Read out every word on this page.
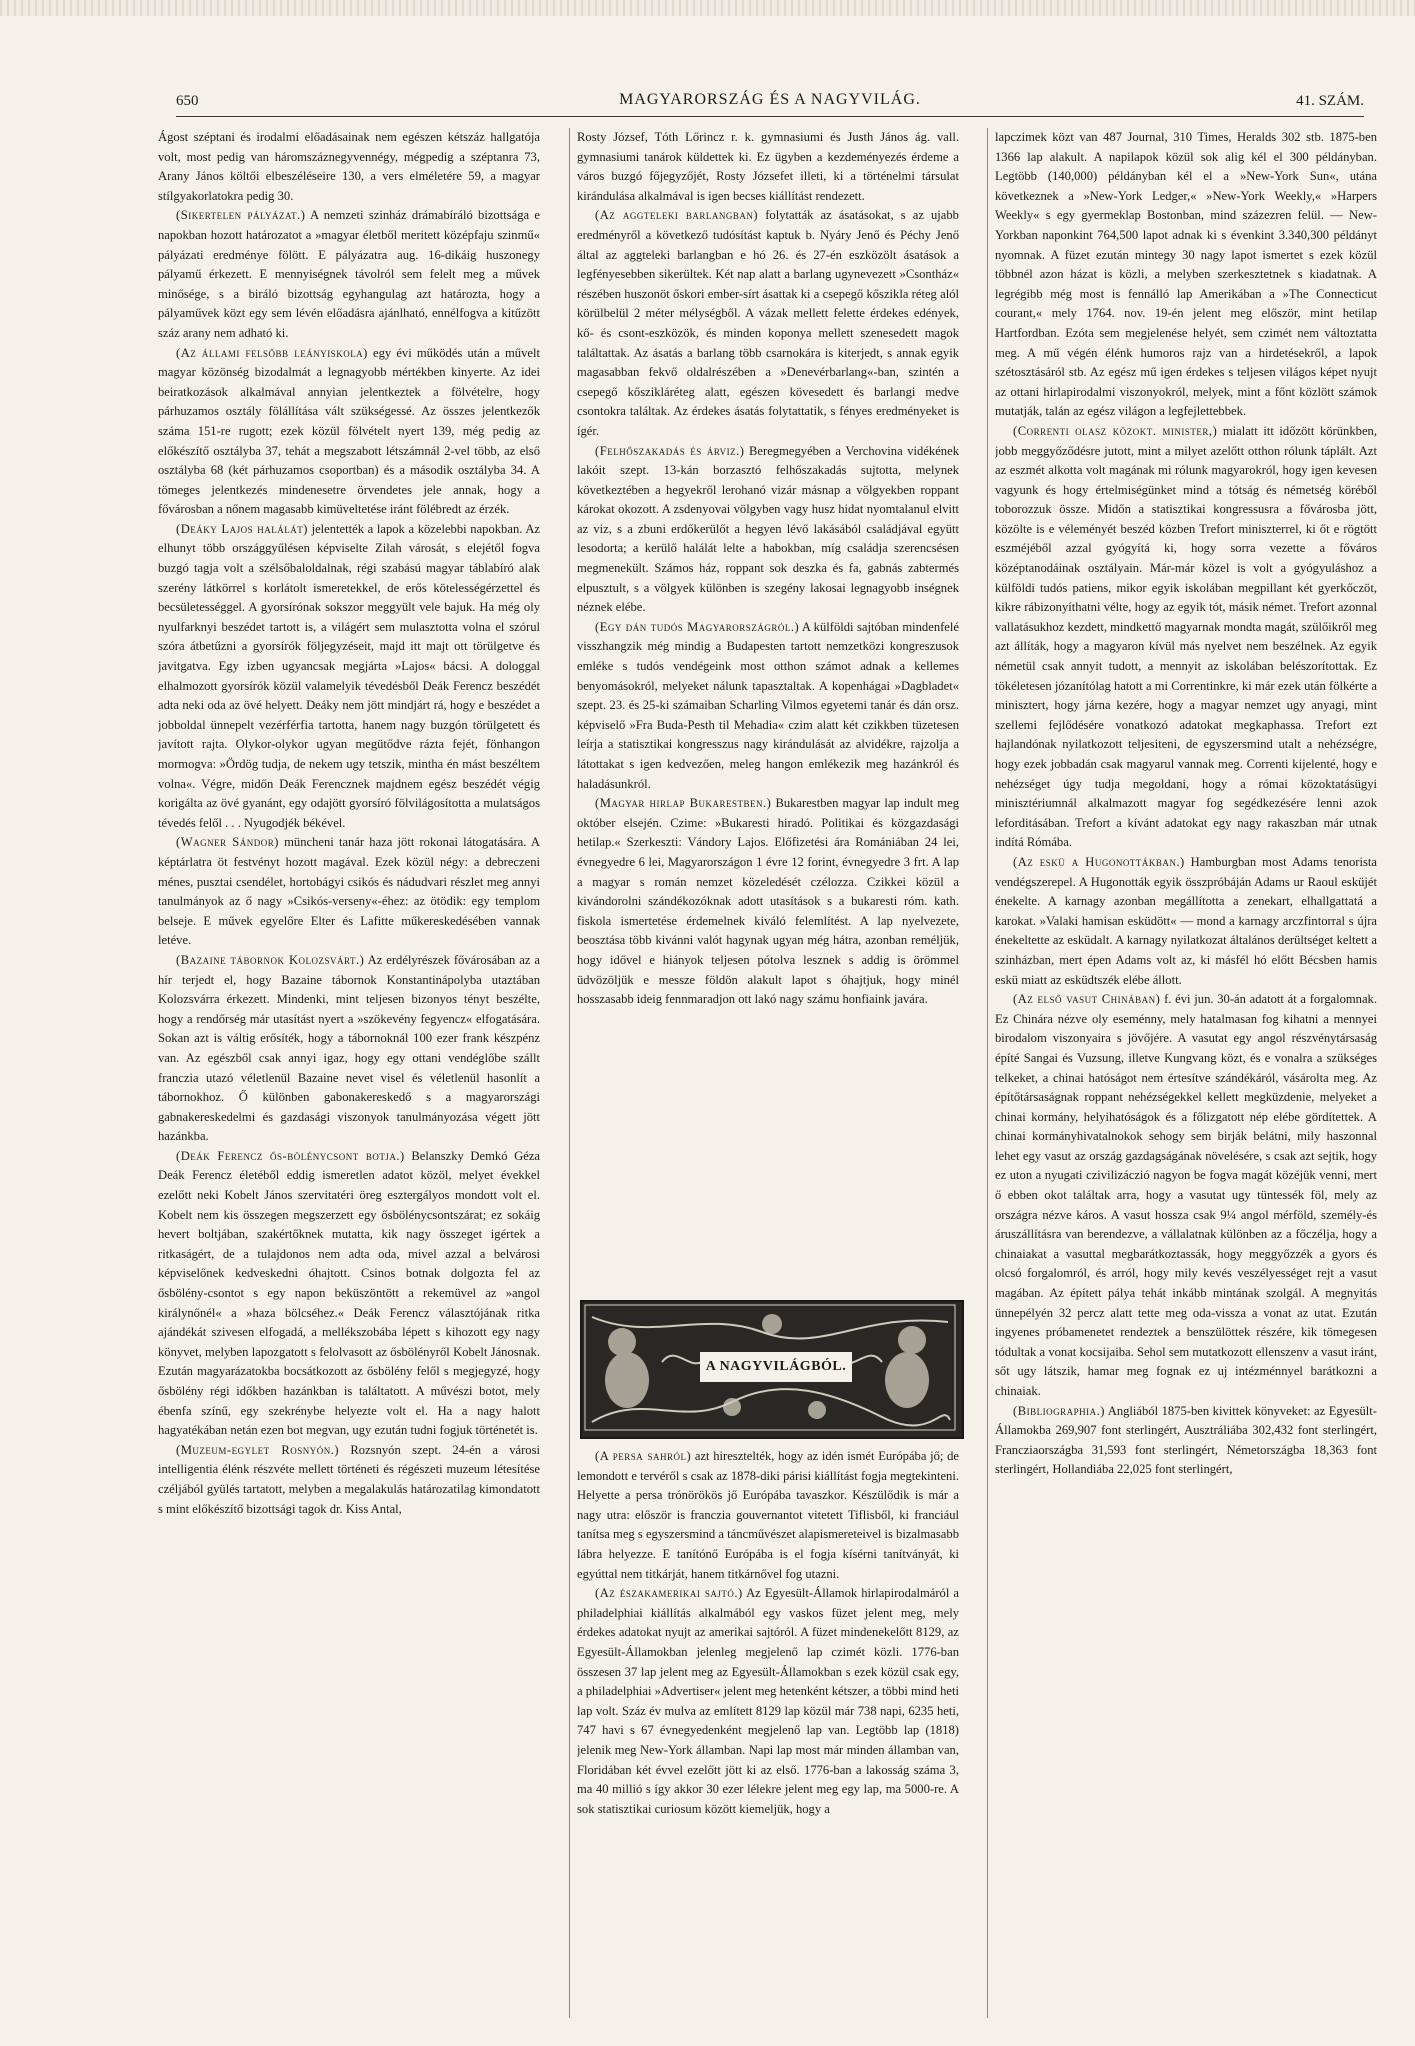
650	MAGYARORSZÁG ÉS A NAGYVILÁG.	41. SZÁM.

Ágost széptani és irodalmi előadásainak nem egészen kétszáz hallgatója volt, most pedig van háromszáznegyvennégy, mégpedig a széptanra 73, Arany János költői elbeszéléseire 130, a vers elméletére 59, a magyar stílgyakorlatokra pedig 30.

(Sikertelen pályázat.) A nemzeti szinház drámabíráló bizottsága e napokban hozott határozatot a »magyar életből meritett középfaju szinmű« pályázati eredménye fölött. E pályázatra aug. 16-dikáig huszonegy pályamű érkezett. E mennyiségnek távolról sem felelt meg a művek minősége, s a biráló bizottság egyhangulag azt határozta, hogy a pályaművek közt egy sem lévén előadásra ajánlható, ennélfogva a kitűzött száz arany nem adható ki.

(Az állami felsőbb leányiskola) egy évi működés után a művelt magyar közönség bizodalmát a legnagyobb mértékben kinyerte. Az idei beiratkozások alkalmával annyian jelentkeztek a fölvételre, hogy párhuzamos osztály fölállítása vált szükségessé. Az összes jelentkezők száma 151-re rugott; ezek közül fölvételt nyert 139, még pedig az előkészítő osztályba 37, tehát a megszabott létszámnál 2-vel több, az első osztályba 68 (két párhuzamos csoportban) és a második osztályba 34. A tömeges jelentkezés mindenesetre örvendetes jele annak, hogy a fővárosban a nőnem magasabb kimüveltetése iránt fölébredt az érzék.

(Deáky Lajos halálát) jelentették a lapok a közelebbi napokban. Az elhunyt több országgyűlésen képviselte Zilah városát, s elejétől fogva buzgó tagja volt a szélsőbaloldalnak, régi szabású magyar táblabíró alak szerény látkörrel s korlátolt ismeretekkel, de erős kötelességérzettel és becsületességgel. A gyorsírónak sokszor meggyült vele bajuk. Ha még oly nyulfarknyi beszédet tartott is, a világért sem mulasztotta volna el szórul szóra átbetűzni a gyorsírók följegyzéseit, majd itt majt ott törülgetve és javitgatva. Egy izben ugyancsak megjárta »Lajos« bácsi. A dologgal elhalmozott gyorsírók közül valamelyik tévedésből Deák Ferencz beszédét adta neki oda az övé helyett. Deáky nem jött mindjárt rá, hogy e beszédet a jobboldal ünnepelt vezérférfia tartotta, hanem nagy buzgón törülgetett és javított rajta. Olykor-olykor ugyan megütődve rázta fejét, fönhangon mormogva: »Ördög tudja, de nekem ugy tetszik, mintha én mást beszéltem volna«. Végre, midőn Deák Ferencznek majdnem egész beszédét végig korigálta az övé gyanánt, egy odajött gyorsíró fölvilágosította a mulatságos tévedés felől . . . Nyugodjék békével.

(Wagner Sándor) müncheni tanár haza jött rokonai látogatására. A képtárlatra öt festvényt hozott magával. Ezek közül négy: a debreczeni ménes, pusztai csendélet, hortobágyi csikós és nádudvari részlet meg annyi tanulmányok az ő nagy »Csikós-verseny«-éhez: az ötödik: egy templom belseje. E művek egyelőre Elter és Lafitte műkereskedésében vannak letéve.

(Bazaine tábornok Kolozsvárt.) Az erdélyrészek fővárosában az a hír terjedt el, hogy Bazaine tábornok Konstantinápolyba utaztában Kolozsvárra érkezett. Mindenki, mint teljesen bizonyos tényt beszélte, hogy a rendőrség már utasítást nyert a »szökevény fegyencz« elfogatására. Sokan azt is váltig erősíték, hogy a tábornoknál 100 ezer frank készpénz van. Az egészből csak annyi igaz, hogy egy ottani vendéglőbe szállt franczia utazó véletlenül Bazaine nevet visel és véletlenül hasonlít a tábornokhoz. Ő különben gabonakereskedő s a magyarországi gabnakereskedelmi és gazdasági viszonyok tanulmányozása végett jött hazánkba.

(Deák Ferencz ős-bölénycsont botja.) Belanszky Demkó Géza Deák Ferencz életéből eddig ismeretlen adatot közöl, melyet évekkel ezelőtt neki Kobelt János szervitatéri öreg esztergályos mondott volt el. Kobelt nem kis összegen megszerzett egy ősbölénycsontszárat; ez sokáig hevert boltjában, szakértőknek mutatta, kik nagy összeget igértek a ritkaságért, de a tulajdonos nem adta oda, mivel azzal a belvárosi képviselőnek kedveskedni óhajtott. Csinos botnak dolgozta fel az ősbölény-csontot s egy napon beküszöntött a rekemüvel az »angol királynőnél« a »haza bölcséhez.« Deák Ferencz választójának ritka ajándékát szivesen elfogadá, a mellékszobába lépett s kihozott egy nagy könyvet, melyben lapozgatott s felolvasott az ősbölényről Kobelt Jánosnak. Ezután magyarázatokba bocsátkozott az ősbölény felől s megjegyzé, hogy ősbölény régi időkben hazánkban is találtatott. A művészi botot, mely ébenfa színű, egy szekrénybe helyezte volt el. Ha a nagy halott hagyatékában netán ezen bot megvan, ugy ezután tudni fogjuk történetét is.

(Muzeum-egylet Rosnyón.) Rozsnyón szept. 24-én a városi intelligentia élénk részvéte mellett történeti és régészeti muzeum létesítése czéljából gyülés tartatott, melyben a megalakulás határozatilag kimondatott s mint előkészítő bizottsági tagok dr. Kiss Antal,

Rosty József, Tóth Lőrincz r. k. gymnasiumi és Justh János ág. vall. gymnasiumi tanárok küldettek ki. Ez ügyben a kezdeményezés érdeme a város buzgó főjegyzőjét, Rosty Józsefet illeti, ki a történelmi társulat kirándulása alkalmával is igen becses kiállítást rendezett.

(Az aggteleki barlangban) folytatták az ásatásokat, s az ujabb eredményről a következő tudósítást kaptuk b. Nyáry Jenő és Péchy Jenő által az aggteleki barlangban e hó 26. és 27-én eszközölt ásatások a legfényesebben sikerültek. Két nap alatt a barlang ugynevezett »Csontház« részében huszonöt őskori ember-sírt ásattak ki a csepegő kőszikla réteg alól körülbelül 2 méter mélységből. A vázak mellett felette érdekes edények, kő- és csont-eszközök, és minden koponya mellett szenesedett magok találtattak. Az ásatás a barlang több csarnokára is kiterjedt, s annak egyik magasabban fekvő oldalrészében a »Denevérbarlang«-ban, szintén a csepegő kőszikláréteg alatt, egészen kövesedett és barlangi medve csontokra találtak. Az érdekes ásatás folytattatik, s fényes eredményeket is ígér.

(Felhőszakadás és árviz.) Beregmegyében a Verchovina vidékének lakóit szept. 13-kán borzasztó felhőszakadás sujtotta, melynek következtében a hegyekről lerohanó vizár másnap a völgyekben roppant károkat okozott. A zsdenyovai völgyben vagy husz hidat nyomtalanul elvitt az viz, s a zbuni erdőkerülőt a hegyen lévő lakásából családjával együtt lesodorta; a kerülő halálát lelte a habokban, míg családja szerencsésen megmenekült. Számos ház, roppant sok deszka és fa, gabnás zabtermés elpusztult, s a völgyek különben is szegény lakosai legnagyobb inségnek néznek elébe.

(Egy dán tudós Magyarországról.) A külföldi sajtóban mindenfelé visszhangzik még mindig a Budapesten tartott nemzetközi kongreszusok emléke s tudós vendégeink most otthon számot adnak a kellemes benyomásokról, melyeket nálunk tapasztaltak. A kopenhágai »Dagbladet« szept. 23. és 25-ki számaiban Scharling Vilmos egyetemi tanár és dán orsz. képviselő »Fra Buda-Pesth til Mehadia« czim alatt két czikkben tüzetesen leírja a statisztikai kongresszus nagy kirándulását az alvidékre, rajzolja a látottakat s igen kedvezően, meleg hangon emlékezik meg hazánkról és haladásunkról.

(Magyar hirlap Bukarestben.) Bukarestben magyar lap indult meg október elsején. Czime: »Bukaresti hiradó. Politikai és közgazdasági hetilap.« Szerkeszti: Vándory Lajos. Előfizetési ára Romániában 24 lei, évnegyedre 6 lei, Magyarországon 1 évre 12 forint, évnegyedre 3 frt. A lap a magyar s román nemzet közeledését czélozza. Czikkei közül a kivándorolni szándékozóknak adott utasítások s a bukaresti róm. kath. fiskola ismertetése érdemelnek kiváló felemlítést. A lap nyelvezete, beosztása több kivánni valót hagynak ugyan még hátra, azonban reméljük, hogy idővel e hiányok teljesen pótolva lesznek s addig is örömmel üdvözöljük e messze földön alakult lapot s óhajtjuk, hogy minél hosszasabb ideig fennmaradjon ott lakó nagy számu honfiaink javára.

A NAGYVILÁGBÓL.

(A persa sahról) azt hiresztelték, hogy az idén ismét Európába jő; de lemondott e tervéről s csak az 1878-diki párisi kiállítást fogja megtekinteni. Helyette a persa trónörökös jő Európába tavaszkor. Készülődik is már a nagy utra: először is franczia gouvernantot vitetett Tiflisből, ki franciául tanítsa meg s egyszersmind a táncművészet alapismereteivel is bizalmasabb lábra helyezze. E tanítónő Európába is el fogja kísérni tanítványát, ki egyúttal nem titkárját, hanem titkárnővel fog utazni.

(Az északamerikai sajtó.) Az Egyesült-Államok hirlapirodalmáról a philadelphiai kiállítás alkalmából egy vaskos füzet jelent meg, mely érdekes adatokat nyujt az amerikai sajtóról. A füzet mindenekelőtt 8129, az Egyesült-Államokban jelenleg megjelenő lap czimét közli. 1776-ban összesen 37 lap jelent meg az Egyesült-Államokban s ezek közül csak egy, a philadelphiai »Advertiser« jelent meg hetenként kétszer, a többi mind heti lap volt. Száz év mulva az említett 8129 lap közül már 738 napi, 6235 heti, 747 havi s 67 évnegyedenként megjelenő lap van. Legtöbb lap (1818) jelenik meg New-York államban. Napi lap most már minden államban van, Floridában két évvel ezelőtt jött ki az első. 1776-ban a lakosság száma 3, ma 40 millió s így akkor 30 ezer lélekre jelent meg egy lap, ma 5000-re. A sok statisztikai curiosum között kiemeljük, hogy a

lapczimek közt van 487 Journal, 310 Times, Heralds 302 stb. 1875-ben 1366 lap alakult. A napilapok közül sok alig kél el 300 példányban. Legtöbb (140,000) példányban kél el a »New-York Sun«, utána következnek a »New-York Ledger,« »New-York Weekly,« »Harpers Weekly« s egy gyermeklap Bostonban, mind százezren felül. — New-Yorkban naponkint 764,500 lapot adnak ki s évenkint 3.340,300 példányt nyomnak. A füzet ezután mintegy 30 nagy lapot ismertet s ezek közül többnél azon házat is közli, a melyben szerkesztetnek s kiadatnak. A legrégibb még most is fennálló lap Amerikában a »The Connecticut courant,« mely 1764. nov. 19-én jelent meg először, mint hetilap Hartfordban. Ezóta sem megjelenése helyét, sem czimét nem változtatta meg. A mű végén élénk humoros rajz van a hirdetésekről, a lapok szétosztásáról stb. Az egész mű igen érdekes s teljesen világos képet nyujt az ottani hirlapirodalmi viszonyokról, melyek, mint a főnt közlött számok mutatják, talán az egész világon a legfejlettebbek.

(Correnti olasz közokt. minister,) mialatt itt időzött körünkben, jobb meggyőződésre jutott, mint a milyet azelőtt otthon rólunk táplált. Azt az eszmét alkotta volt magának mi rólunk magyarokról, hogy igen kevesen vagyunk és hogy értelmiségünket mind a tótság és németség köréből toborozzuk össze. Midőn a statisztikai kongressusra a fővárosba jött, közölte is e véleményét beszéd közben Trefort miniszterrel, ki őt e rögtött eszméjéből azzal gyógyítá ki, hogy sorra vezette a főváros középtanodáinak osztályain. Már-már közel is volt a gyógyuláshoz a külföldi tudós patiens, mikor egyik iskolában megpillant két gyerkőczöt, kikre rábizonyíthatni vélte, hogy az egyik tót, másik német. Trefort azonnal vallatásukhoz kezdett, mindkettő magyarnak mondta magát, szülőikről meg azt állíták, hogy a magyaron kívül más nyelvet nem beszélnek. Az egyik németül csak annyit tudott, a mennyit az iskolában belészorítottak. Ez tökéletesen józanítólag hatott a mi Correntinkre, ki már ezek után fölkérte a minisztert, hogy járna kezére, hogy a magyar nemzet ugy anyagi, mint szellemi fejlődésére vonatkozó adatokat megkaphassa. Trefort ezt hajlandónak nyilatkozott teljesiteni, de egyszersmind utalt a nehézségre, hogy ezek jobbadán csak magyarul vannak meg. Correnti kijelenté, hogy e nehézséget úgy tudja megoldani, hogy a római közoktatásügyi minisztériumnál alkalmazott magyar fog segédkezésére lenni azok leforditásában. Trefort a kívánt adatokat egy nagy rakaszban már utnak indítá Rómába.

(Az eskü a Hugonottákban.) Hamburgban most Adams tenorista vendégszerepel. A Hugonották egyik összpróbáján Adams ur Raoul esküjét énekelte. A karnagy azonban megállította a zenekart, elhallgattatá a karokat. »Valaki hamisan esküdött« — mond a karnagy arczfintorral s újra énekeltette az esküdalt. A karnagy nyilatkozat általános derültséget keltett a szinházban, mert épen Adams volt az, ki másfél hó előtt Bécsben hamis eskü miatt az esküdtszék elébe állott.

(Az első vasut Chinában) f. évi jun. 30-án adatott át a forgalomnak. Ez Chinára nézve oly eseménny, mely hatalmasan fog kihatni a mennyei birodalom viszonyaira s jövőjére. A vasutat egy angol részvénytársaság építé Sangai és Vuzsung, illetve Kungvang közt, és e vonalra a szükséges telkeket, a chinai hatóságot nem értesítve szándékáról, vásárolta meg. Az építőtársaságnak roppant nehézségekkel kellett megküzdenie, melyeket a chinai kormány, helyihatóságok és a főlizgatott nép elébe gördítettek. A chinai kormányhivatalnokok sehogy sem birják belátni, mily haszonnal lehet egy vasut az ország gazdagságának növelésére, s csak azt sejtik, hogy ez uton a nyugati czivilizáczió nagyon be fogva magát közéjük venni, mert ő ebben okot találtak arra, hogy a vasutat ugy tüntessék föl, mely az országra nézve káros. A vasut hossza csak 9¼ angol mérföld, személy-és áruszállításra van berendezve, a vállalatnak különben az a főczélja, hogy a chinaiakat a vasuttal megbarátkoztassák, hogy meggyőzzék a gyors és olcsó forgalomról, és arról, hogy mily kevés veszélyességet rejt a vasut magában. Az épített pálya tehát inkább mintának szolgál. A megnyitás ünnepélyén 32 percz alatt tette meg oda-vissza a vonat az utat. Ezután ingyenes próbamenetet rendeztek a benszülöttek részére, kik tömegesen tódultak a vonat kocsijaiba. Sehol sem mutatkozott ellenszenv a vasut iránt, sőt ugy látszik, hamar meg fognak ez uj intézménnyel barátkozni a chinaiak.

(Bibliographia.) Angliából 1875-ben kivittek könyveket: az Egyesült-Államokba 269,907 font sterlingért, Ausztráliába 302,432 font sterlingért, Francziaországba 31,593 font sterlingért, Németországba 18,363 font sterlingért, Hollandiába 22,025 font sterlingért,
